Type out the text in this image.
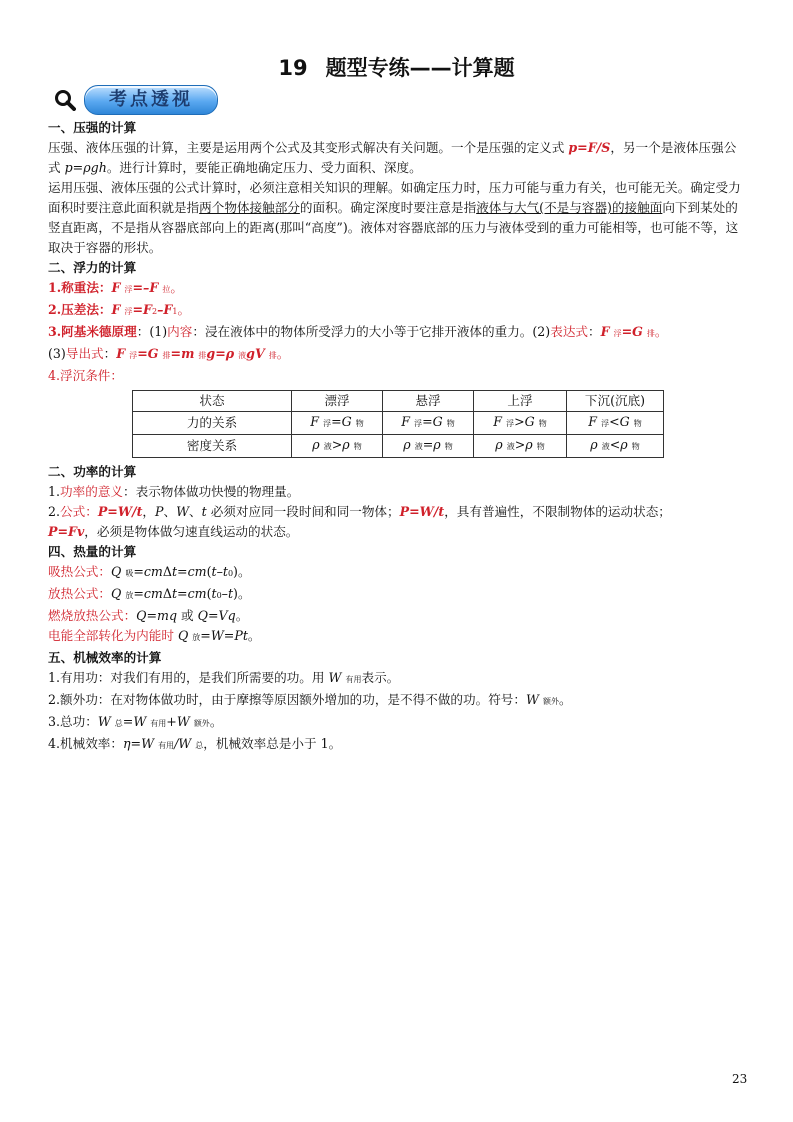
19 题型专练——计算题
考点透视

一、压强的计算

压强、液体压强的计算，主要是运用两个公式及其变形式解决有关问题。一个是压强的定义式 p=F/S，另一个是液体压强公式 p=ρgh。进行计算时，要能正确地确定压力、受力面积、深度。

运用压强、液体压强的公式计算时，必须注意相关知识的理解。如确定压力时，压力可能与重力有关，也可能无关。确定受力面积时要注意此面积就是指两个物体接触部分的面积。确定深度时要注意是指液体与大气(不是与容器)的接触面向下到某处的竖直距离，不是指从容器底部向上的距离(那叫“高度”)。液体对容器底部的压力与液体受到的重力可能相等，也可能不等，这取决于容器的形状。

二、浮力的计算

1.称重法：F 浮=–F 拉。

2.压差法：F 浮=F2–F1。

3.阿基米德原理：(1)内容：浸在液体中的物体所受浮力的大小等于它排开液体的重力。(2)表达式：F 浮=G 排。

(3)导出式：F 浮=G 排=m 排g=ρ 液gV 排。

4.浮沉条件：

状态	漂浮	悬浮	上浮	下沉(沉底)
力的关系	F 浮=G 物	F 浮=G 物	F 浮>G 物	F 浮<G 物
密度关系	ρ 液>ρ 物	ρ 液=ρ 物	ρ 液>ρ 物	ρ 液<ρ 物

二、功率的计算

1.功率的意义：表示物体做功快慢的物理量。

2.公式：P=W/t，P、W、t 必须对应同一段时间和同一物体；P=W/t，具有普遍性，不限制物体的运动状态；

P=Fv，必须是物体做匀速直线运动的状态。

四、热量的计算

吸热公式：Q 吸=cmΔt=cm(t–t0)。

放热公式：Q 放=cmΔt=cm(t0–t)。

燃烧放热公式：Q=mq 或 Q=Vq。

电能全部转化为内能时 Q 放=W=Pt。

五、机械效率的计算

1.有用功：对我们有用的，是我们所需要的功。用 W 有用表示。

2.额外功：在对物体做功时，由于摩擦等原因额外增加的功，是不得不做的功。符号：W 额外。

3.总功：W 总=W 有用+W 额外。

4.机械效率：η=W 有用/W 总，机械效率总是小于 1。

23
